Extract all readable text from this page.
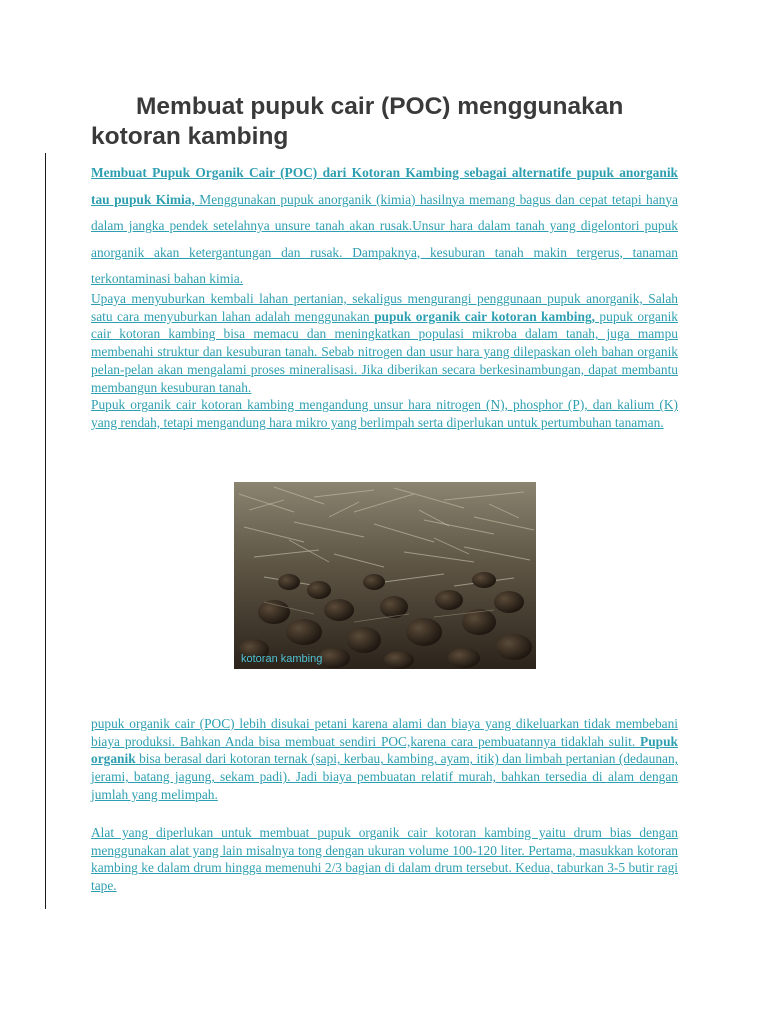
Membuat pupuk cair (POC) menggunakan kotoran kambing

Membuat Pupuk Organik Cair (POC) dari Kotoran Kambing sebagai alternatife pupuk anorganik tau pupuk Kimia, Menggunakan pupuk anorganik (kimia) hasilnya memang bagus dan cepat tetapi hanya dalam jangka pendek setelahnya unsure tanah akan rusak.Unsur hara dalam tanah yang digelontori pupuk anorganik akan ketergantungan dan rusak. Dampaknya, kesuburan tanah makin tergerus, tanaman terkontaminasi bahan kimia.

Upaya menyuburkan kembali lahan pertanian, sekaligus mengurangi penggunaan pupuk anorganik, Salah satu cara menyuburkan lahan adalah menggunakan pupuk organik cair kotoran kambing, pupuk organik cair kotoran kambing bisa memacu dan meningkatkan populasi mikroba dalam tanah, juga mampu membenahi struktur dan kesuburan tanah. Sebab nitrogen dan usur hara yang dilepaskan oleh bahan organik pelan-pelan akan mengalami proses mineralisasi. Jika diberikan secara berkesinambungan, dapat membantu membangun kesuburan tanah.
Pupuk organik cair kotoran kambing mengandung unsur hara nitrogen (N), phosphor (P), dan kalium (K) yang rendah, tetapi mengandung hara mikro yang berlimpah serta diperlukan untuk pertumbuhan tanaman.

kotoran kambing

pupuk organik cair (POC) lebih disukai petani karena alami dan biaya yang dikeluarkan tidak membebani biaya produksi. Bahkan Anda bisa membuat sendiri POC,karena cara pembuatannya tidaklah sulit. Pupuk organik bisa berasal dari kotoran ternak (sapi, kerbau, kambing, ayam, itik) dan limbah pertanian (dedaunan, jerami, batang jagung, sekam padi). Jadi biaya pembuatan relatif murah, bahkan tersedia di alam dengan jumlah yang melimpah.

Alat yang diperlukan untuk membuat pupuk organik cair kotoran kambing yaitu drum bias dengan menggunakan alat yang lain misalnya tong dengan ukuran volume 100-120 liter. Pertama, masukkan kotoran kambing ke dalam drum hingga memenuhi 2/3 bagian di dalam drum tersebut. Kedua, taburkan 3-5 butir ragi tape.
